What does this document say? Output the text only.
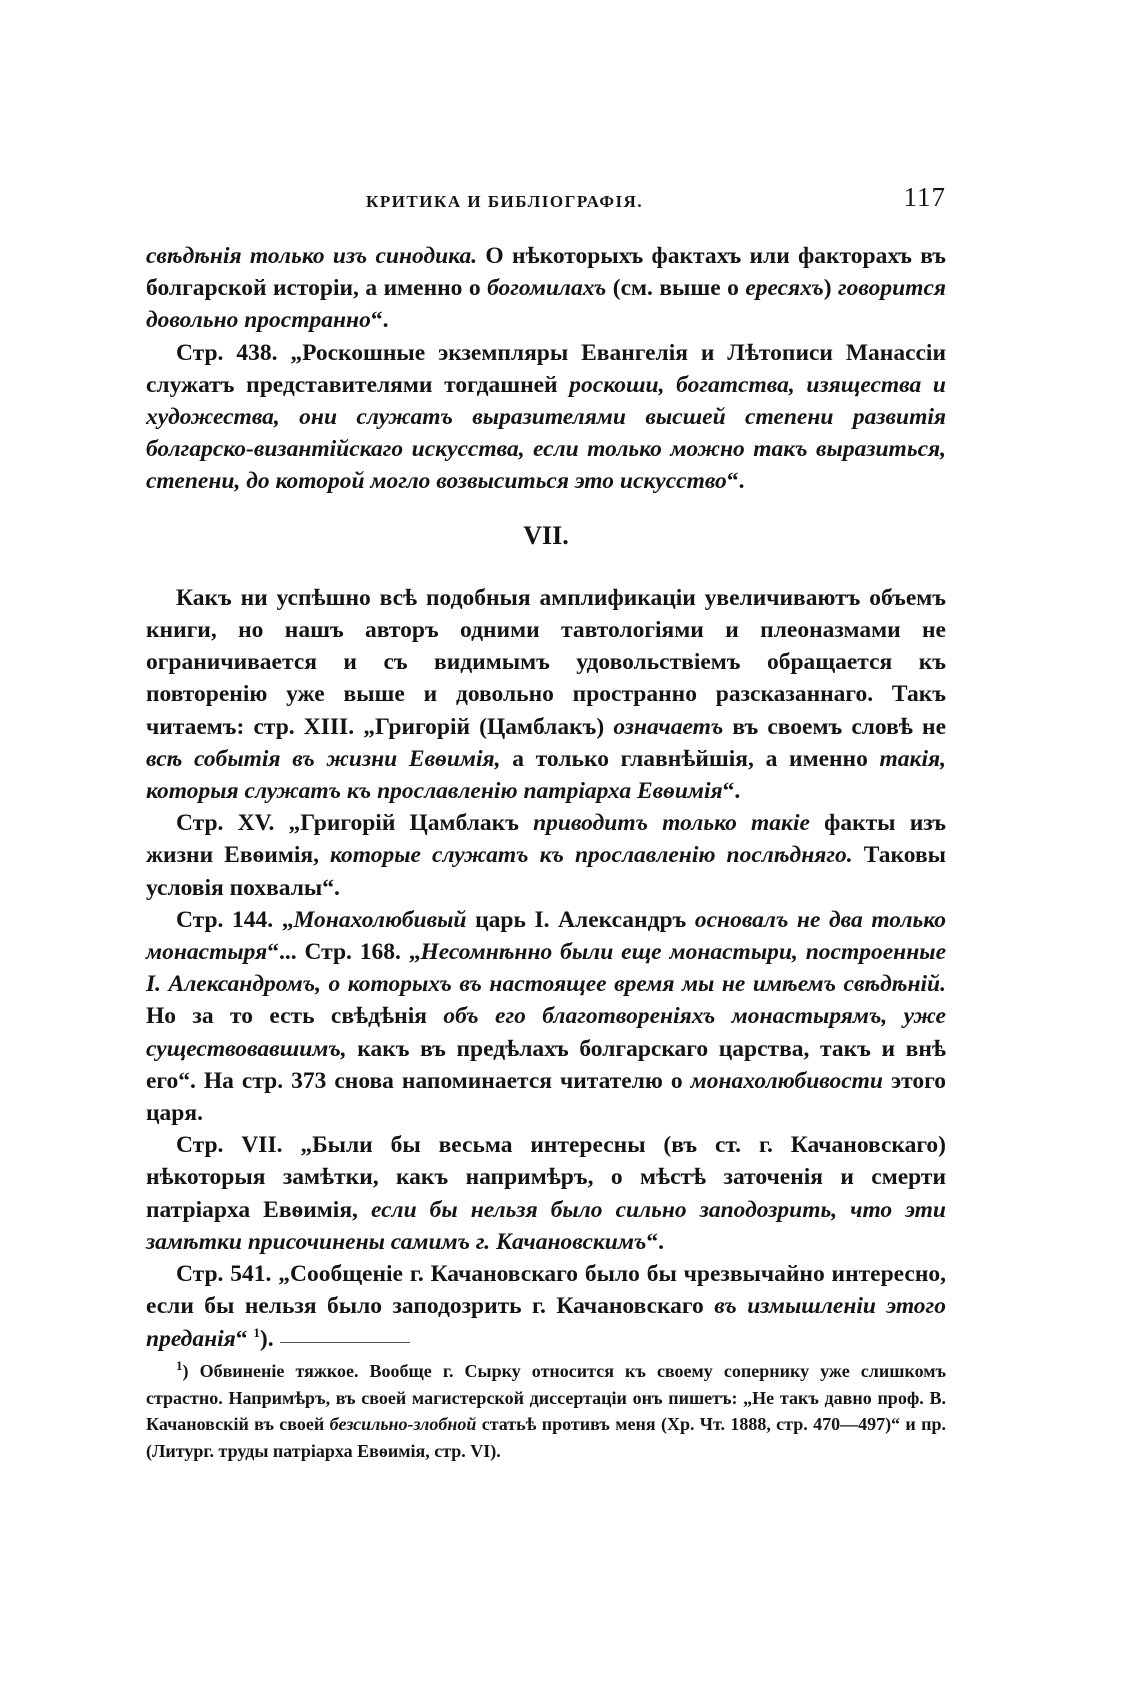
КРИТИКА И БИБЛIОГРАФIЯ.	117

свѣдѣнія только изъ синодика. О нѣкоторыхъ фактахъ или факторахъ въ болгарской исторіи, а именно о богомилахъ (см. выше о ересяхъ) говорится довольно пространно“.

Стр. 438. „Роскошные экземпляры Евангелія и Лѣтописи Манассіи служатъ представителями тогдашней роскоши, богатства, изящества и художества, они служатъ выразителями высшей степени развитія болгарско-византійскаго искусства, если только можно такъ выразиться, степени, до которой могло возвыситься это искусство“.

VII.

Какъ ни успѣшно всѣ подобныя амплификаціи увеличиваютъ объемъ книги, но нашъ авторъ одними тавтологіями и плеоназмами не ограничивается и съ видимымъ удовольствіемъ обращается къ повторенію уже выше и довольно пространно разсказаннаго. Такъ читаемъ: стр. XIII. „Григорій (Цамблакъ) означаетъ въ своемъ словѣ не всѣ событія въ жизни Евѳимія, а только главнѣйшія, а именно такія, которыя служатъ къ прославленію патріарха Евѳимія“.

Стр. XV. „Григорій Цамблакъ приводитъ только такіе факты изъ жизни Евѳимія, которые служатъ къ прославленію послѣдняго. Таковы условія похвалы“.

Стр. 144. „Монахолюбивый царь I. Александръ основалъ не два только монастыря“... Стр. 168. „Несомнѣнно были еще монастыри, построенные I. Александромъ, о которыхъ въ настоящее время мы не имѣемъ свѣдѣній. Но за то есть свѣдѣнія объ его благотвореніяхъ монастырямъ, уже существовавшимъ, какъ въ предѣлахъ болгарскаго царства, такъ и внѣ его“. На стр. 373 снова напоминается читателю о монахолюбивости этого царя.

Стр. VII. „Были бы весьма интересны (въ ст. г. Качановскаго) нѣкоторыя замѣтки, какъ напримѣръ, о мѣстѣ заточенія и смерти патріарха Евѳимія, если бы нельзя было сильно заподозрить, что эти замѣтки присочинены самимъ г. Качановскимъ“.

Стр. 541. „Сообщеніе г. Качановскаго было бы чрезвычайно интересно, если бы нельзя было заподозрить г. Качановскаго въ измышленіи этого преданія“ $^1$).

$^1$) Обвиненіе тяжкое. Вообще г. Сырку относится къ своему сопернику уже слишкомъ страстно. Напримѣръ, въ своей магистерской диссертаціи онъ пишетъ: „Не такъ давно проф. В. Качановскій въ своей безсильно-злобной статьѣ противъ меня (Хр. Чт. 1888, стр. 470—497)“ и пр. (Литург. труды патріарха Евѳимія, стр. VI).
